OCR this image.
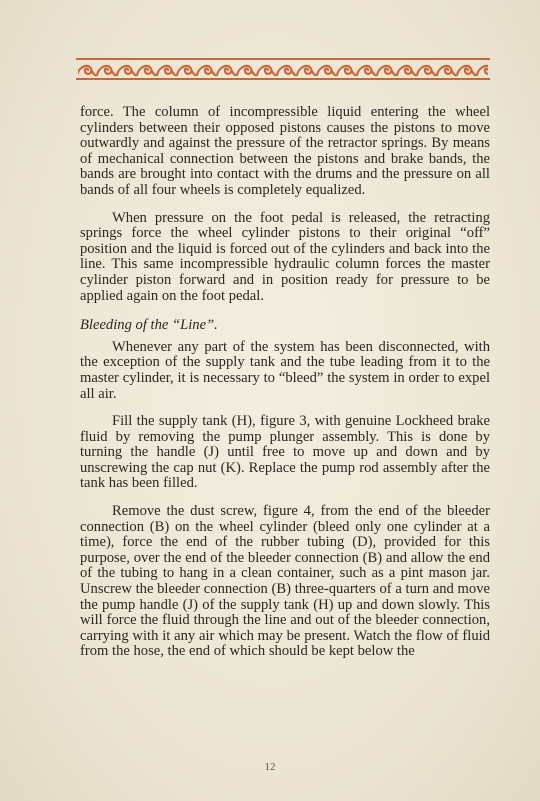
force. The column of incompressible liquid entering the wheel cylinders between their opposed pistons causes the pistons to move outwardly and against the pressure of the retractor springs. By means of mechanical connection between the pistons and brake bands, the bands are brought into contact with the drums and the pressure on all bands of all four wheels is completely equalized.

When pressure on the foot pedal is released, the retracting springs force the wheel cylinder pistons to their original “off” position and the liquid is forced out of the cylinders and back into the line. This same incompressible hydraulic column forces the master cylinder piston forward and in position ready for pressure to be applied again on the foot pedal.

Bleeding of the “Line”.

Whenever any part of the system has been disconnected, with the exception of the supply tank and the tube leading from it to the master cylinder, it is necessary to “bleed” the system in order to expel all air.

Fill the supply tank (H), figure 3, with genuine Lockheed brake fluid by removing the pump plunger assembly. This is done by turning the handle (J) until free to move up and down and by unscrewing the cap nut (K). Replace the pump rod assembly after the tank has been filled.

Remove the dust screw, figure 4, from the end of the bleeder connection (B) on the wheel cylinder (bleed only one cylinder at a time), force the end of the rubber tubing (D), provided for this purpose, over the end of the bleeder connection (B) and allow the end of the tubing to hang in a clean container, such as a pint mason jar. Unscrew the bleeder connection (B) three-quarters of a turn and move the pump handle (J) of the supply tank (H) up and down slowly. This will force the fluid through the line and out of the bleeder connection, carrying with it any air which may be present. Watch the flow of fluid from the hose, the end of which should be kept below the

12
